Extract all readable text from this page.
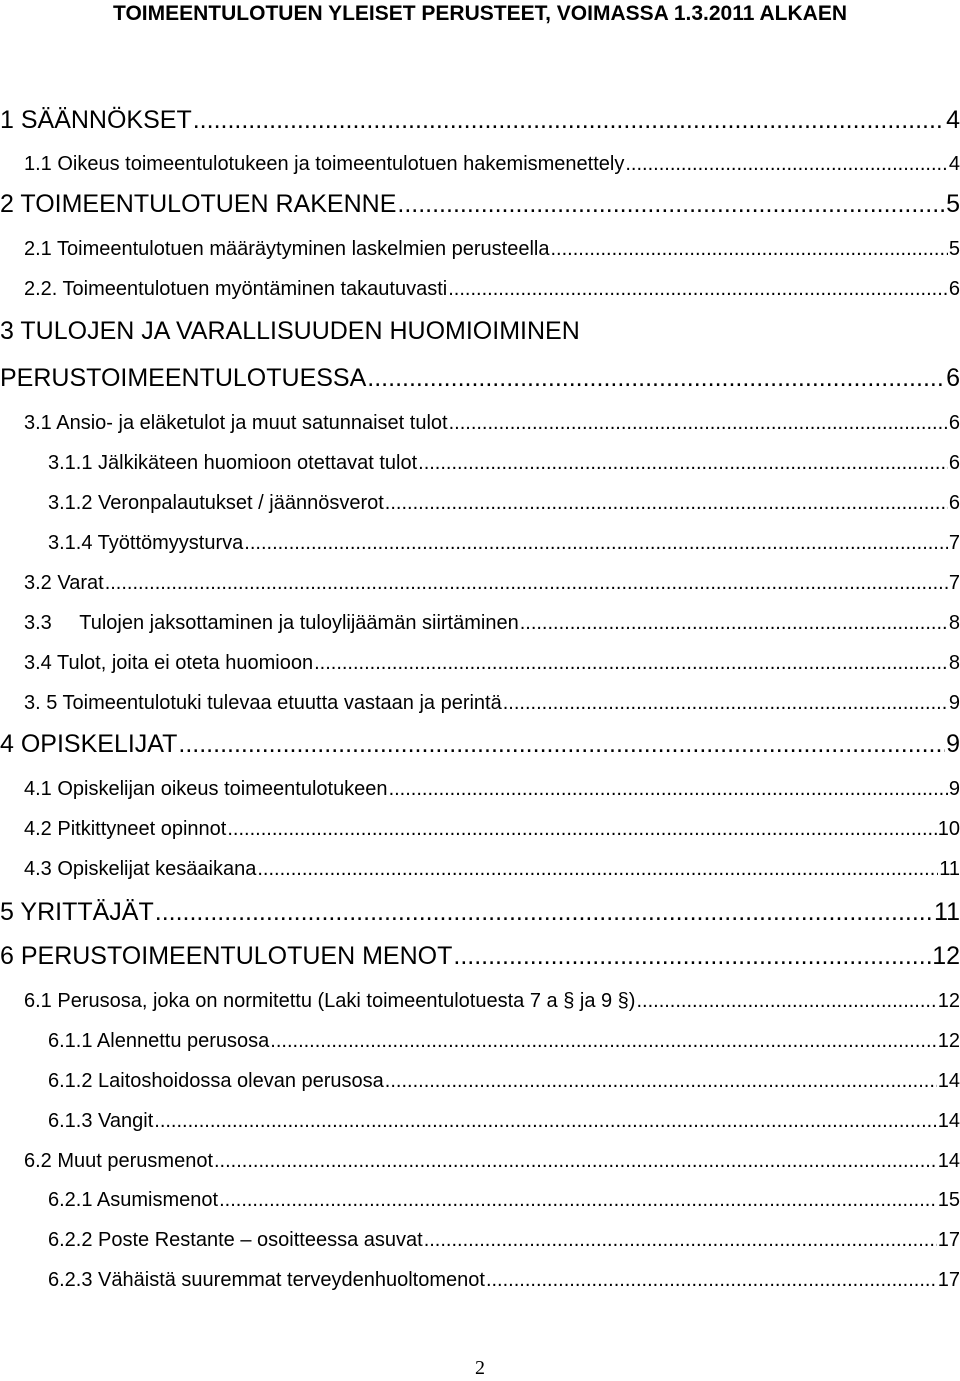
TOIMEENTULOTUEN YLEISET PERUSTEET, VOIMASSA 1.3.2011 ALKAEN
1 SÄÄNNÖKSET .....	4
1.1 Oikeus toimeentulotukeen ja toimeentulotuen hakemismenettely .....	4
2 TOIMEENTULOTUEN RAKENNE .....	5
2.1 Toimeentulotuen määräytyminen laskelmien perusteella .....	5
2.2. Toimeentulotuen myöntäminen takautuvasti .....	6
3 TULOJEN JA VARALLISUUDEN HUOMIOIMINEN
PERUSTOIMEENTULOTUESSA .....	6
3.1 Ansio- ja eläketulot ja muut satunnaiset tulot .....	6
3.1.1 Jälkikäteen huomioon otettavat tulot .....	6
3.1.2 Veronpalautukset / jäännösverot .....	6
3.1.4 Työttömyysturva .....	7
3.2 Varat .....	7
3.3     Tulojen jaksottaminen ja tuloylijäämän siirtäminen .....	8
3.4 Tulot, joita ei oteta huomioon .....	8
3. 5 Toimeentulotuki tulevaa etuutta vastaan ja perintä .....	9
4 OPISKELIJAT .....	9
4.1 Opiskelijan oikeus toimeentulotukeen .....	9
4.2 Pitkittyneet opinnot .....	10
4.3 Opiskelijat kesäaikana .....	11
5 YRITTÄJÄT .....	11
6 PERUSTOIMEENTULOTUEN MENOT .....	12
6.1 Perusosa, joka on normitettu (Laki toimeentulotuesta 7 a § ja 9 §) .....	12
6.1.1 Alennettu perusosa .....	12
6.1.2 Laitoshoidossa olevan perusosa .....	14
6.1.3 Vangit .....	14
6.2 Muut perusmenot .....	14
6.2.1 Asumismenot .....	15
6.2.2 Poste Restante – osoitteessa asuvat .....	17
6.2.3 Vähäistä suuremmat terveydenhuoltomenot .....	17
2
